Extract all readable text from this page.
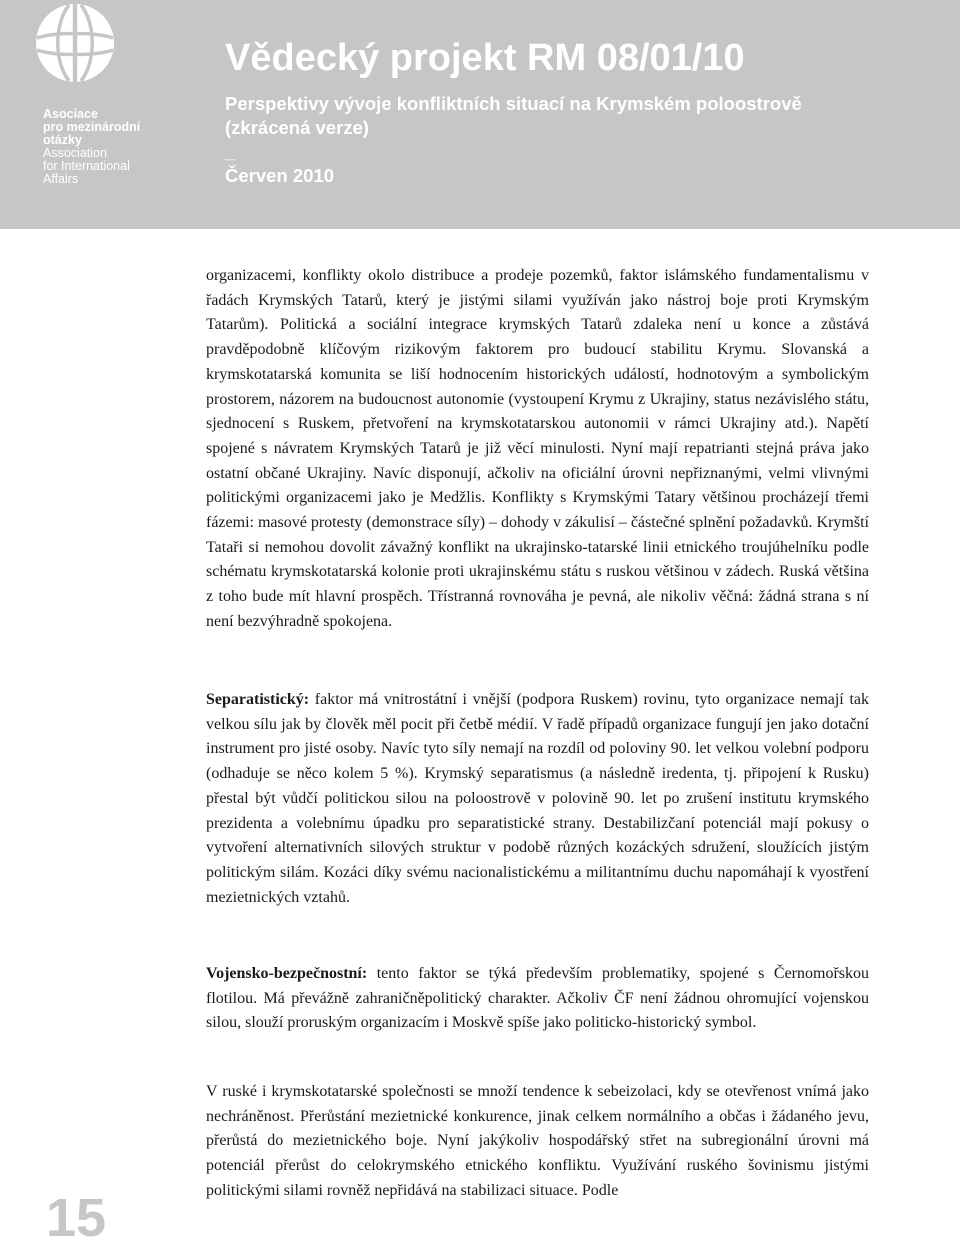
Asociace
pro mezinárodní
otázky
Association
for International
Affairs
Vědecký projekt RM 08/01/10
Perspektivy vývoje konfliktních situací na Krymském poloostrově
(zkrácená verze)
_
Červen 2010

organizacemi, konflikty okolo distribuce a prodeje pozemků, faktor islámského fundamentalismu v řadách Krymských Tatarů, který je jistými silami využíván jako nástroj boje proti Krymským Tatarům). Politická a sociální integrace krymských Tatarů zdaleka není u konce a zůstává pravděpodobně klíčovým rizikovým faktorem pro budoucí stabilitu Krymu. Slovanská a krymskotatarská komunita se liší hodnocením historických událostí, hodnotovým a symbolickým prostorem, názorem na budoucnost autonomie (vystoupení Krymu z Ukrajiny, status nezávislého státu, sjednocení s Ruskem, přetvoření na krymskotatarskou autonomii v rámci Ukrajiny atd.). Napětí spojené s návratem Krymských Tatarů je již věcí minulosti. Nyní mají repatrianti stejná práva jako ostatní občané Ukrajiny. Navíc disponují, ačkoliv na oficiální úrovni nepřiznanými, velmi vlivnými politickými organizacemi jako je Medžlis. Konflikty s Krymskými Tatary většinou procházejí třemi fázemi: masové protesty (demonstrace síly) – dohody v zákulisí – částečné splnění požadavků. Krymští Tataři si nemohou dovolit závažný konflikt na ukrajinsko-tatarské linii etnického troujúhelníku podle schématu krymskotatarská kolonie proti ukrajinskému státu s ruskou většinou v zádech. Ruská většina z toho bude mít hlavní prospěch. Třístranná rovnováha je pevná, ale nikoliv věčná: žádná strana s ní není bezvýhradně spokojena.

Separatistický: faktor má vnitrostátní i vnější (podpora Ruskem) rovinu, tyto organizace nemají tak velkou sílu jak by člověk měl pocit při četbě médií. V řadě případů organizace fungují jen jako dotační instrument pro jisté osoby. Navíc tyto síly nemají na rozdíl od poloviny 90. let velkou volební podporu (odhaduje se něco kolem 5 %). Krymský separatismus (a následně iredenta, tj. připojení k Rusku) přestal být vůdčí politickou silou na poloostrově v polovině 90. let po zrušení institutu krymského prezidenta a volebnímu úpadku pro separatistické strany. Destabilizčaní potenciál mají pokusy o vytvoření alternativních silových struktur v podobě různých kozáckých sdružení, sloužících jistým politickým silám. Kozáci díky svému nacionalistickému a militantnímu duchu napomáhají k vyostření mezietnických vztahů.

Vojensko-bezpečnostní: tento faktor se týká především problematiky, spojené s Černomořskou flotilou. Má převážně zahraničněpolitický charakter. Ačkoliv ČF není žádnou ohromující vojenskou silou, slouží proruským organizacím i Moskvě spíše jako politicko-historický symbol.

V ruské i krymskotatarské společnosti se množí tendence k sebeizolaci, kdy se otevřenost vnímá jako nechráněnost. Přerůstání mezietnické konkurence, jinak celkem normálního a občas i žádaného jevu, přerůstá do mezietnického boje. Nyní jakýkoliv hospodářský střet na subregionální úrovni má potenciál přerůst do celokrymského etnického konfliktu. Využívání ruského šovinismu jistými politickými silami rovněž nepřidává na stabilizaci situace. Podle

15
